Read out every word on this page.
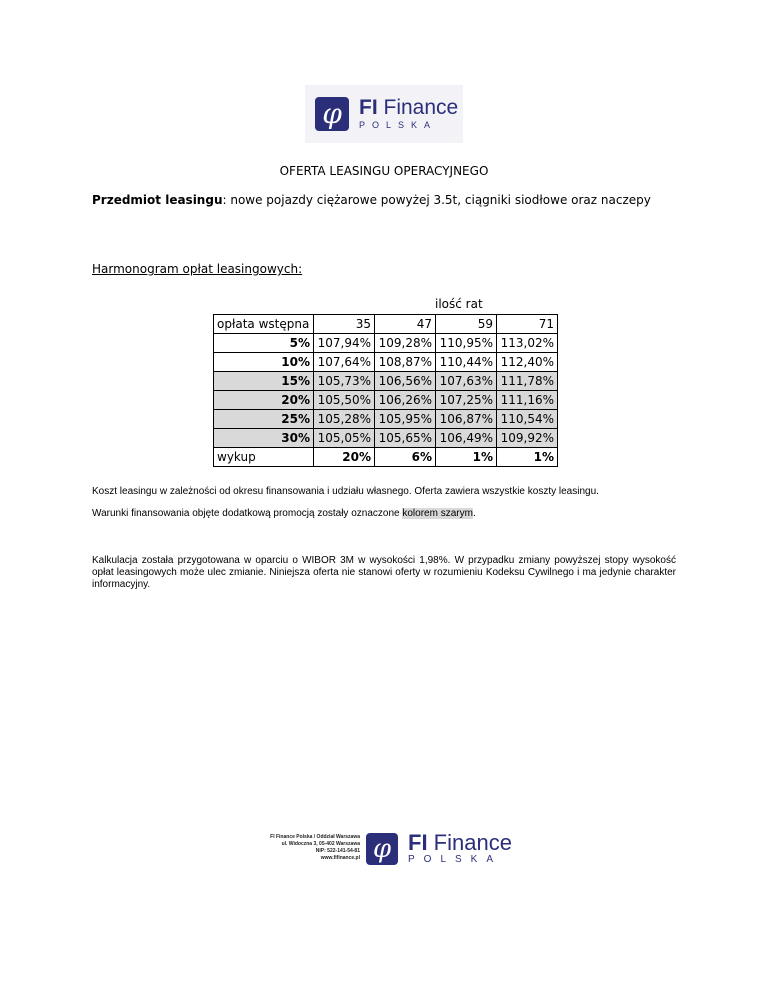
φ FI Finance
POLSKA
OFERTA LEASINGU OPERACYJNEGO
Przedmiot leasingu: nowe pojazdy ciężarowe powyżej 3.5t, ciągniki siodłowe oraz naczepy
Harmonogram opłat leasingowych:
ilość rat
opłata wstępna	35	47	59	71
5%	107,94%	109,28%	110,95%	113,02%
10%	107,64%	108,87%	110,44%	112,40%
15%	105,73%	106,56%	107,63%	111,78%
20%	105,50%	106,26%	107,25%	111,16%
25%	105,28%	105,95%	106,87%	110,54%
30%	105,05%	105,65%	106,49%	109,92%
wykup	20%	6%	1%	1%
Koszt leasingu w zależności od okresu finansowania i udziału własnego. Oferta zawiera wszystkie koszty leasingu.
Warunki finansowania objęte dodatkową promocją zostały oznaczone kolorem szarym.
Kalkulacja została przygotowana w oparciu o WIBOR 3M w wysokości 1,98%. W przypadku zmiany powyższej stopy wysokość opłat leasingowych może ulec zmianie. Niniejsza oferta nie stanowi oferty w rozumieniu Kodeksu Cywilnego i ma jedynie charakter informacyjny.
FI Finance Polska / Oddział Warszawa
ul. Widoczna 3, 05-402 Warszawa
NIP: 522-141-54-81
www.fifinance.pl φ FI Finance
POLSKA
